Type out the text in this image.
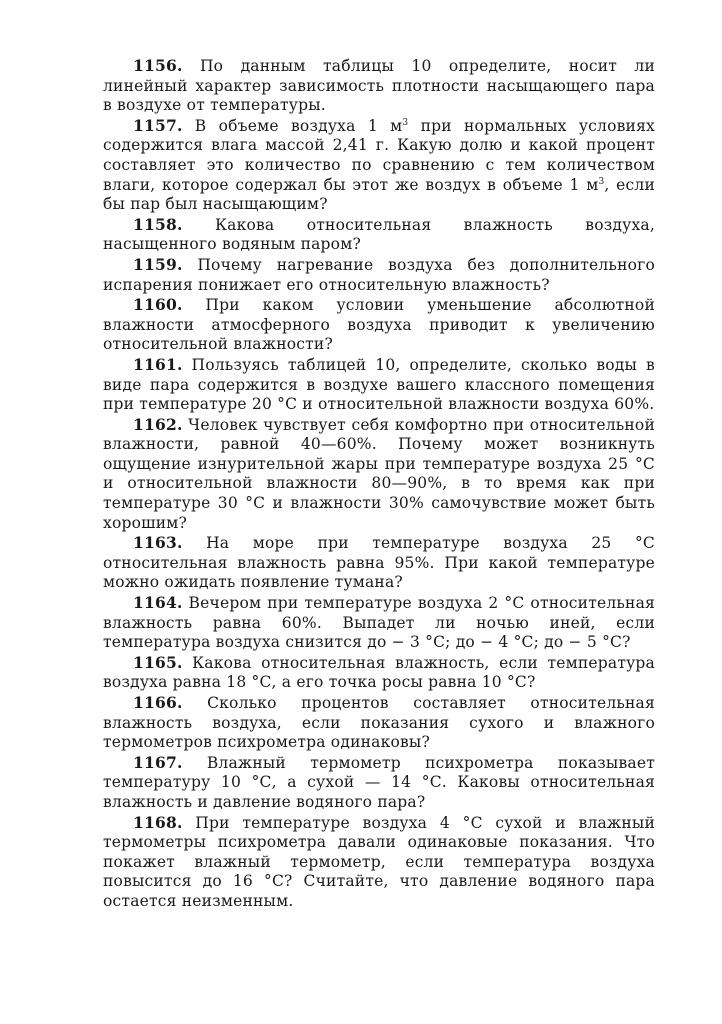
1156. По данным таблицы 10 определите, носит ли линейный характер зависимость плотности насыщающего пара в воздухе от температуры.

1157. В объеме воздуха 1 $м^3$ при нормальных условиях содержится влага массой 2,41 г. Какую долю и какой процент составляет это количество по сравнению с тем количеством влаги, которое содержал бы этот же воздух в объеме 1 $м^3$, если бы пар был насыщающим?

1158. Какова относительная влажность воздуха, насыщенного водяным паром?

1159. Почему нагревание воздуха без дополнительного испарения понижает его относительную влажность?

1160. При каком условии уменьшение абсолютной влажности атмосферного воздуха приводит к увеличению относительной влажности?

1161. Пользуясь таблицей 10, определите, сколько воды в виде пара содержится в воздухе вашего классного помещения при температуре 20 °С и относительной влажности воздуха 60%.

1162. Человек чувствует себя комфортно при относительной влажности, равной 40—60%. Почему может возникнуть ощущение изнурительной жары при температуре воздуха 25 °С и относительной влажности 80—90%, в то время как при температуре 30 °С и влажности 30% самочувствие может быть хорошим?

1163. На море при температуре воздуха 25 °С относительная влажность равна 95%. При какой температуре можно ожидать появление тумана?

1164. Вечером при температуре воздуха 2 °С относительная влажность равна 60%. Выпадет ли ночью иней, если температура воздуха снизится до − 3 °С; до − 4 °С; до − 5 °С?

1165. Какова относительная влажность, если температура воздуха равна 18 °С, а его точка росы равна 10 °С?

1166. Сколько процентов составляет относительная влажность воздуха, если показания сухого и влажного термометров психрометра одинаковы?

1167. Влажный термометр психрометра показывает температуру 10 °С, а сухой — 14 °С. Каковы относительная влажность и давление водяного пара?

1168. При температуре воздуха 4 °С сухой и влажный термометры психрометра давали одинаковые показания. Что покажет влажный термометр, если температура воздуха повысится до 16 °С? Считайте, что давление водяного пара остается неизменным.
